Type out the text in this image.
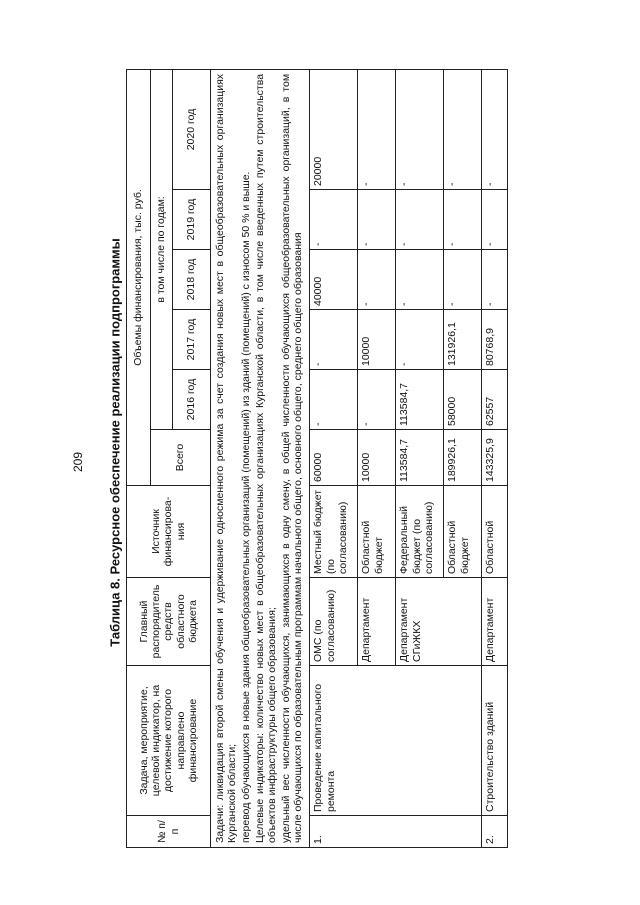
209 Таблица 8. Ресурсное обеспечение реализации подпрограммы
№ п/п	Задача, мероприятие, целевой индикатор, на достижение которого направлено финансирование	Главный распорядитель средств областного бюджета	Источник финансирова-ния	Объемы финансирования, тыс. руб.					
				Всего	в том числе по годам:				
					2016 год	2017 год	2018 год	2019 год	2020 год

Задачи: ликвидация второй смены обучения и удерживание односменного режима за счет создания новых мест в общеобразовательных организациях Курганской области; перевод обучающихся в новые здания общеобразовательных организаций (помещений) из зданий (помещений) с износом 50 % и выше. Целевые индикаторы: количество новых мест в общеобразовательных организациях Курганской области, в том числе введенных путем строительства объектов инфраструктуры общего образования; удельный вес численности обучающихся, занимающихся в одну смену, в общей численности обучающихся общеобразовательных организаций, в том числе обучающихся по образовательным программам начального общего, основного общего, среднего общего образования									

1.	Проведение капитального ремонта	ОМС (по согласованию)	Местный бюджет (по согласованию)	60000	-	-	40000	-	20000
		Департамент	Областной бюджет	10000	-	10000	-	-	-
		Департамент СГиЖКХ	Федеральный бюджет (по согласованию)	113584,7	113584,7	-	-	-	-
			Областной бюджет	189926,1	58000	131926,1	-	-	-
2.	Строительство зданий	Департамент	Областной	143325,9	62557	80768,9	-	-	-
